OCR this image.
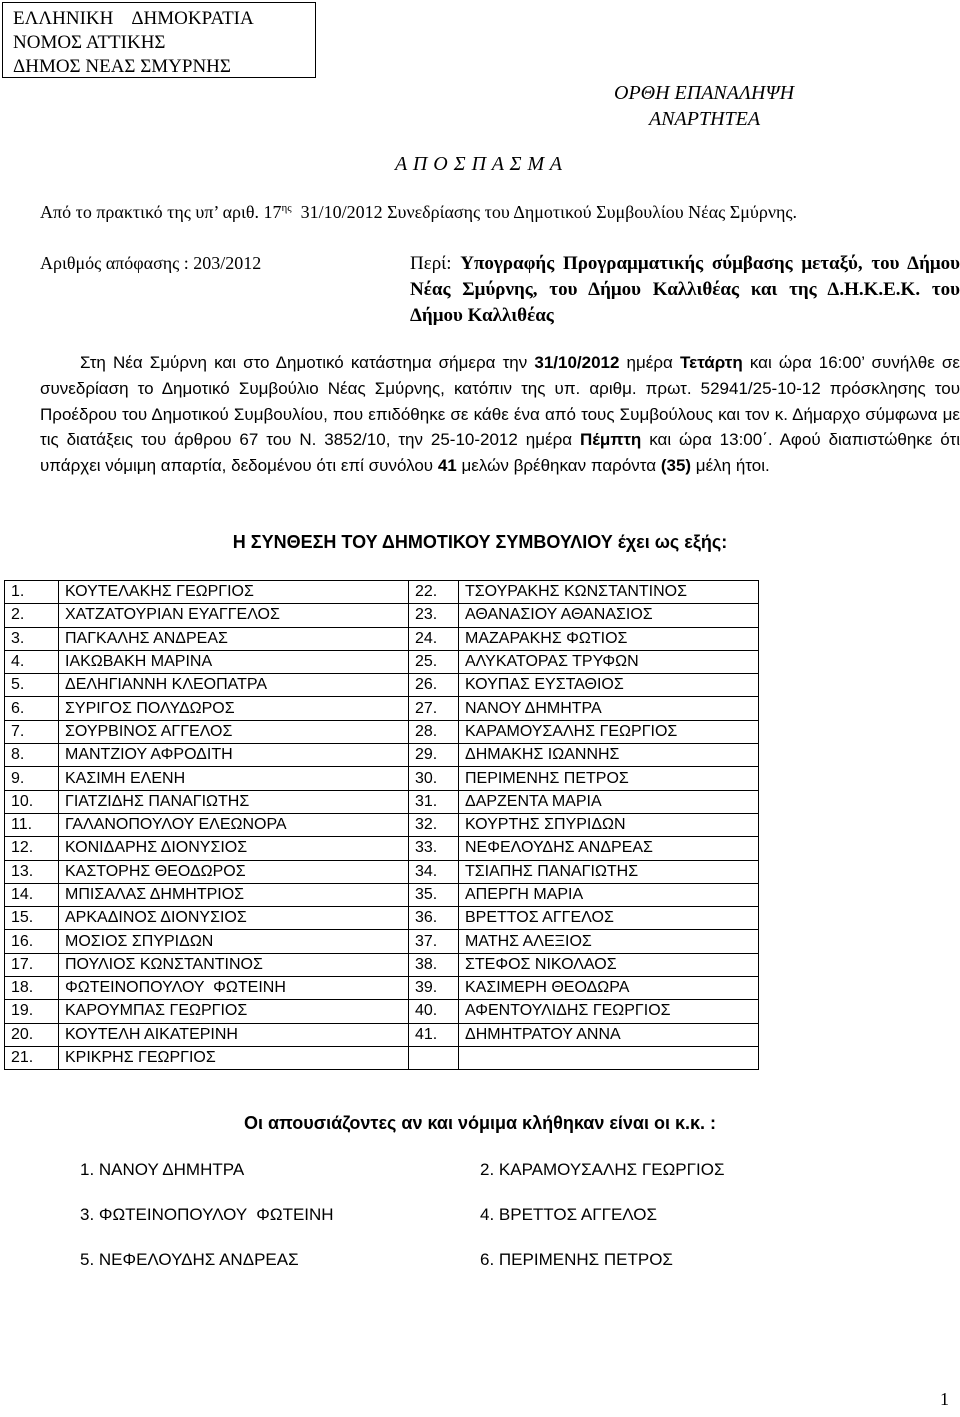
ΕΛΛΗΝΙΚΗ    ΔΗΜΟΚΡΑΤΙΑ
ΝΟΜΟΣ ΑΤΤΙΚΗΣ
ΔΗΜΟΣ ΝΕΑΣ ΣΜΥΡΝΗΣ
ΟΡΘΗ ΕΠΑΝΑΛΗΨΗ
ΑΝΑΡΤΗΤΕΑ
Α Π Ο Σ Π Α Σ Μ Α
Από το πρακτικό της υπ’ αριθ. $17^{\eta\varsigma}$  31/10/2012 Συνεδρίασης του Δημοτικού Συμβουλίου Νέας Σμύρνης.
Αριθμός απόφασης : 203/2012	Περί: Υπογραφής Προγραμματικής σύμβασης μεταξύ, του Δήμου Νέας Σμύρνης, του Δήμου Καλλιθέας και της Δ.Η.Κ.Ε.Κ. του Δήμου Καλλιθέας
Στη Νέα Σμύρνη και στο Δημοτικό κατάστημα σήμερα την 31/10/2012 ημέρα Τετάρτη και ώρα 16:00’ συνήλθε σε συνεδρίαση το Δημοτικό Συμβούλιο Νέας Σμύρνης, κατόπιν της υπ. αριθμ. πρωτ. 52941/25-10-12 πρόσκλησης του Προέδρου του Δημοτικού Συμβουλίου, που επιδόθηκε σε κάθε ένα από τους Συμβούλους και τον κ. Δήμαρχο σύμφωνα με τις διατάξεις του άρθρου 67 του Ν. 3852/10, την 25-10-2012 ημέρα Πέμπτη και ώρα 13:00΄. Αφού διαπιστώθηκε ότι υπάρχει νόμιμη απαρτία, δεδομένου ότι επί συνόλου 41 μελών βρέθηκαν παρόντα (35) μέλη ήτοι.
Η ΣΥΝΘΕΣΗ ΤΟΥ ΔΗΜΟΤΙΚΟΥ ΣΥΜΒΟΥΛΙΟΥ έχει ως εξής:
1.	ΚΟΥΤΕΛΑΚΗΣ ΓΕΩΡΓΙΟΣ	22.	ΤΣΟΥΡΑΚΗΣ ΚΩΝΣΤΑΝΤΙΝΟΣ
2.	ΧΑΤΖΑΤΟΥΡΙΑΝ ΕΥΑΓΓΕΛΟΣ	23.	ΑΘΑΝΑΣΙΟΥ ΑΘΑΝΑΣΙΟΣ
3.	ΠΑΓΚΑΛΗΣ ΑΝΔΡΕΑΣ	24.	ΜΑΖΑΡΑΚΗΣ ΦΩΤΙΟΣ
4.	ΙΑΚΩΒΑΚΗ ΜΑΡΙΝΑ	25.	ΑΛΥΚΑΤΟΡΑΣ ΤΡΥΦΩΝ
5.	ΔΕΛΗΓΙΑΝΝΗ ΚΛΕΟΠΑΤΡΑ	26.	ΚΟΥΠΑΣ ΕΥΣΤΑΘΙΟΣ
6.	ΣΥΡΙΓΟΣ ΠΟΛΥΔΩΡΟΣ	27.	ΝΑΝΟΥ ΔΗΜΗΤΡΑ
7.	ΣΟΥΡΒΙΝΟΣ ΑΓΓΕΛΟΣ	28.	ΚΑΡΑΜΟΥΣΑΛΗΣ ΓΕΩΡΓΙΟΣ
8.	ΜΑΝΤΖΙΟΥ ΑΦΡΟΔΙΤΗ	29.	ΔΗΜΑΚΗΣ ΙΩΑΝΝΗΣ
9.	ΚΑΣΙΜΗ ΕΛΕΝΗ	30.	ΠΕΡΙΜΕΝΗΣ ΠΕΤΡΟΣ
10.	ΓΙΑΤΖΙΔΗΣ ΠΑΝΑΓΙΩΤΗΣ	31.	ΔΑΡΖΕΝΤΑ ΜΑΡΙΑ
11.	ΓΑΛΑΝΟΠΟΥΛΟΥ ΕΛΕΩΝΟΡΑ	32.	ΚΟΥΡΤΗΣ ΣΠΥΡΙΔΩΝ
12.	ΚΟΝΙΔΑΡΗΣ ΔΙΟΝΥΣΙΟΣ	33.	ΝΕΦΕΛΟΥΔΗΣ ΑΝΔΡΕΑΣ
13.	ΚΑΣΤΟΡΗΣ ΘΕΟΔΩΡΟΣ	34.	ΤΣΙΑΠΗΣ ΠΑΝΑΓΙΩΤΗΣ
14.	ΜΠΙΣΑΛΑΣ ΔΗΜΗΤΡΙΟΣ	35.	ΑΠΕΡΓΗ ΜΑΡΙΑ
15.	ΑΡΚΑΔΙΝΟΣ ΔΙΟΝΥΣΙΟΣ	36.	ΒΡΕΤΤΟΣ ΑΓΓΕΛΟΣ
16.	ΜΟΣΙΟΣ ΣΠΥΡΙΔΩΝ	37.	ΜΑΤΗΣ ΑΛΕΞΙΟΣ
17.	ΠΟΥΛΙΟΣ ΚΩΝΣΤΑΝΤΙΝΟΣ	38.	ΣΤΕΦΟΣ ΝΙΚΟΛΑΟΣ
18.	ΦΩΤΕΙΝΟΠΟΥΛΟΥ  ΦΩΤΕΙΝΗ	39.	ΚΑΣΙΜΕΡΗ ΘΕΟΔΩΡΑ
19.	ΚΑΡΟΥΜΠΑΣ ΓΕΩΡΓΙΟΣ	40.	ΑΦΕΝΤΟΥΛΙΔΗΣ ΓΕΩΡΓΙΟΣ
20.	ΚΟΥΤΕΛΗ ΑΙΚΑΤΕΡΙΝΗ	41.	ΔΗΜΗΤΡΑΤΟΥ ΑΝΝΑ
21.	ΚΡΙΚΡΗΣ ΓΕΩΡΓΙΟΣ		
Οι απουσιάζοντες αν και νόμιμα κλήθηκαν είναι οι κ.κ. :
1. ΝΑΝΟΥ ΔΗΜΗΤΡΑ	2. ΚΑΡΑΜΟΥΣΑΛΗΣ ΓΕΩΡΓΙΟΣ
3. ΦΩΤΕΙΝΟΠΟΥΛΟΥ  ΦΩΤΕΙΝΗ	4. ΒΡΕΤΤΟΣ ΑΓΓΕΛΟΣ
5. ΝΕΦΕΛΟΥΔΗΣ ΑΝΔΡΕΑΣ	6. ΠΕΡΙΜΕΝΗΣ ΠΕΤΡΟΣ
1
